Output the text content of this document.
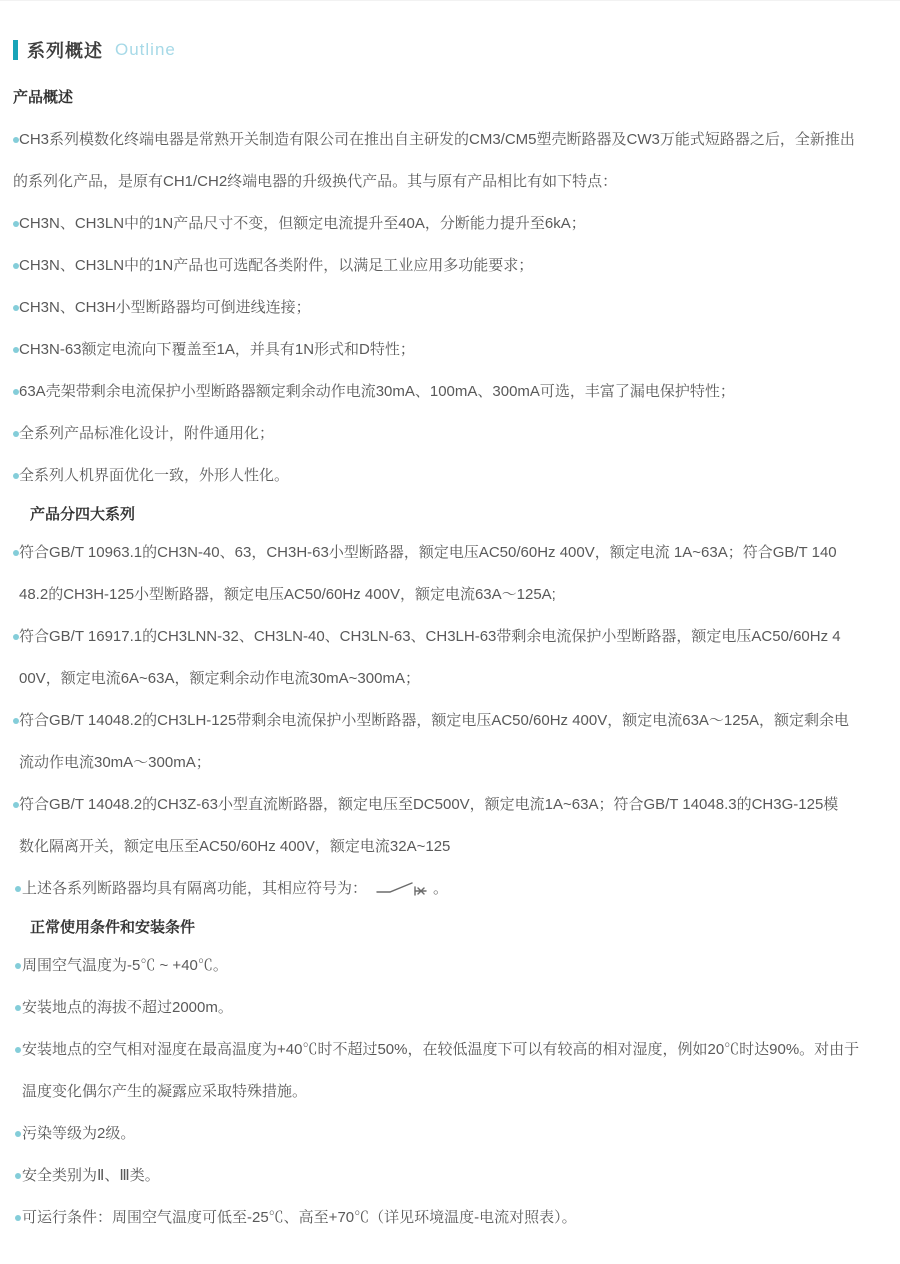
系列概述 Outline
产品概述
CH3系列模数化终端电器是常熟开关制造有限公司在推出自主研发的CM3/CM5塑壳断路器及CW3万能式短路器之后，全新推出
的系列化产品，是原有CH1/CH2终端电器的升级换代产品。其与原有产品相比有如下特点：
CH3N、CH3LN中的1N产品尺寸不变，但额定电流提升至40A，分断能力提升至6kA；
CH3N、CH3LN中的1N产品也可选配各类附件，以满足工业应用多功能要求；
CH3N、CH3H小型断路器均可倒进线连接；
CH3N-63额定电流向下覆盖至1A，并具有1N形式和D特性；
63A壳架带剩余电流保护小型断路器额定剩余动作电流30mA、100mA、300mA可选，丰富了漏电保护特性；
全系列产品标准化设计，附件通用化；
全系列人机界面优化一致，外形人性化。
产品分四大系列
符合GB/T 10963.1的CH3N-40、63，CH3H-63小型断路器，额定电压AC50/60Hz 400V，额定电流 1A~63A；符合GB/T 140
48.2的CH3H-125小型断路器，额定电压AC50/60Hz 400V，额定电流63A～125A;
符合GB/T 16917.1的CH3LNN-32、CH3LN-40、CH3LN-63、CH3LH-63带剩余电流保护小型断路器，额定电压AC50/60Hz 4
00V，额定电流6A~63A，额定剩余动作电流30mA~300mA；
符合GB/T 14048.2的CH3LH-125带剩余电流保护小型断路器，额定电压AC50/60Hz 400V，额定电流63A～125A，额定剩余电
流动作电流30mA～300mA；
符合GB/T 14048.2的CH3Z-63小型直流断路器，额定电压至DC500V，额定电流1A~63A；符合GB/T 14048.3的CH3G-125模
数化隔离开关，额定电压至AC50/60Hz 400V，额定电流32A~125
上述各系列断路器均具有隔离功能，其相应符号为：	。
正常使用条件和安装条件
周围空气温度为-5℃ ~ +40℃。
安装地点的海拔不超过2000m。
安装地点的空气相对湿度在最高温度为+40℃时不超过50%，在较低温度下可以有较高的相对湿度，例如20℃时达90%。对由于
温度变化偶尔产生的凝露应采取特殊措施。
污染等级为2级。
安全类别为Ⅱ、Ⅲ类。
可运行条件：周围空气温度可低至-25℃、高至+70℃（详见环境温度-电流对照表）。
